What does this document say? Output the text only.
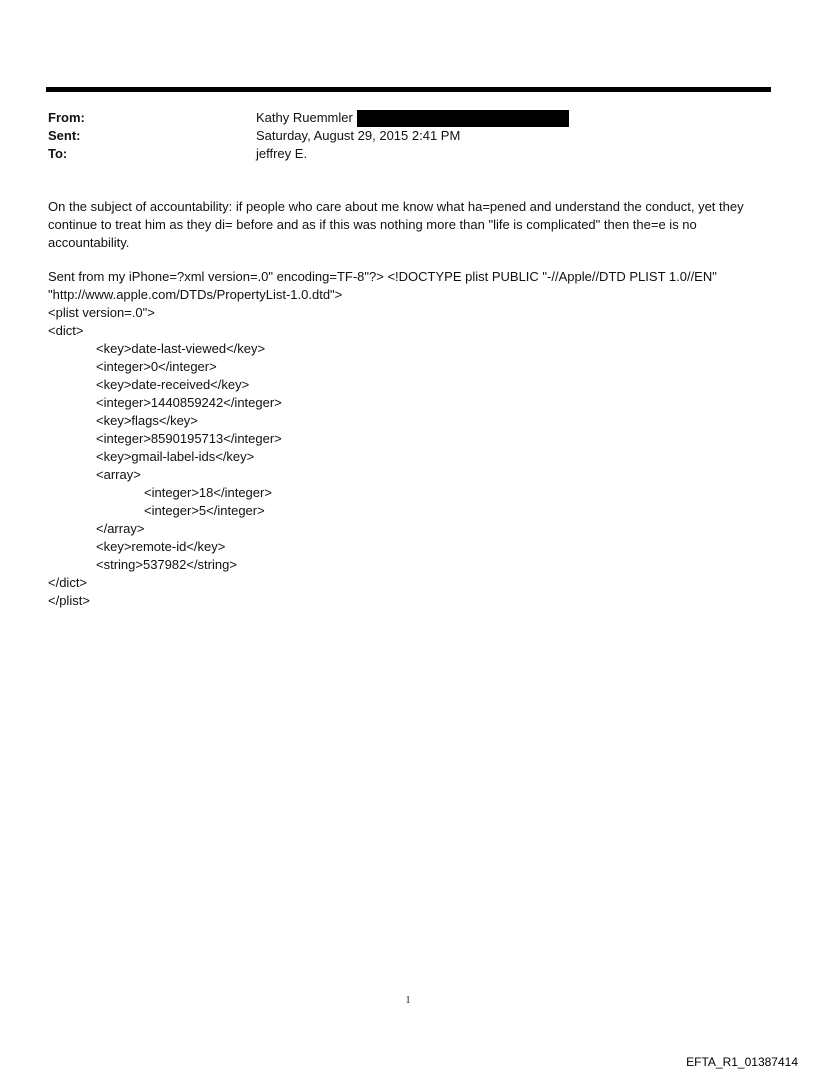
From:	Kathy Ruemmler
Sent:	Saturday, August 29, 2015 2:41 PM
To:	jeffrey E.

On the subject of accountability: if people who care about me know what ha=pened and understand the conduct, yet they continue to treat him as they di= before and as if this was nothing more than "life is complicated" then the=e is no accountability.

Sent from my iPhone=?xml version=.0" encoding=TF-8"?> <!DOCTYPE plist PUBLIC "-//Apple//DTD PLIST 1.0//EN"
"http://www.apple.com/DTDs/PropertyList-1.0.dtd">
<plist version=.0">
<dict>
<key>date-last-viewed</key>
<integer>0</integer>
<key>date-received</key>
<integer>1440859242</integer>
<key>flags</key>
<integer>8590195713</integer>
<key>gmail-label-ids</key>
<array>
<integer>18</integer>
<integer>5</integer>
</array>
<key>remote-id</key>
<string>537982</string>
</dict>
</plist>
1
EFTA_R1_01387414
